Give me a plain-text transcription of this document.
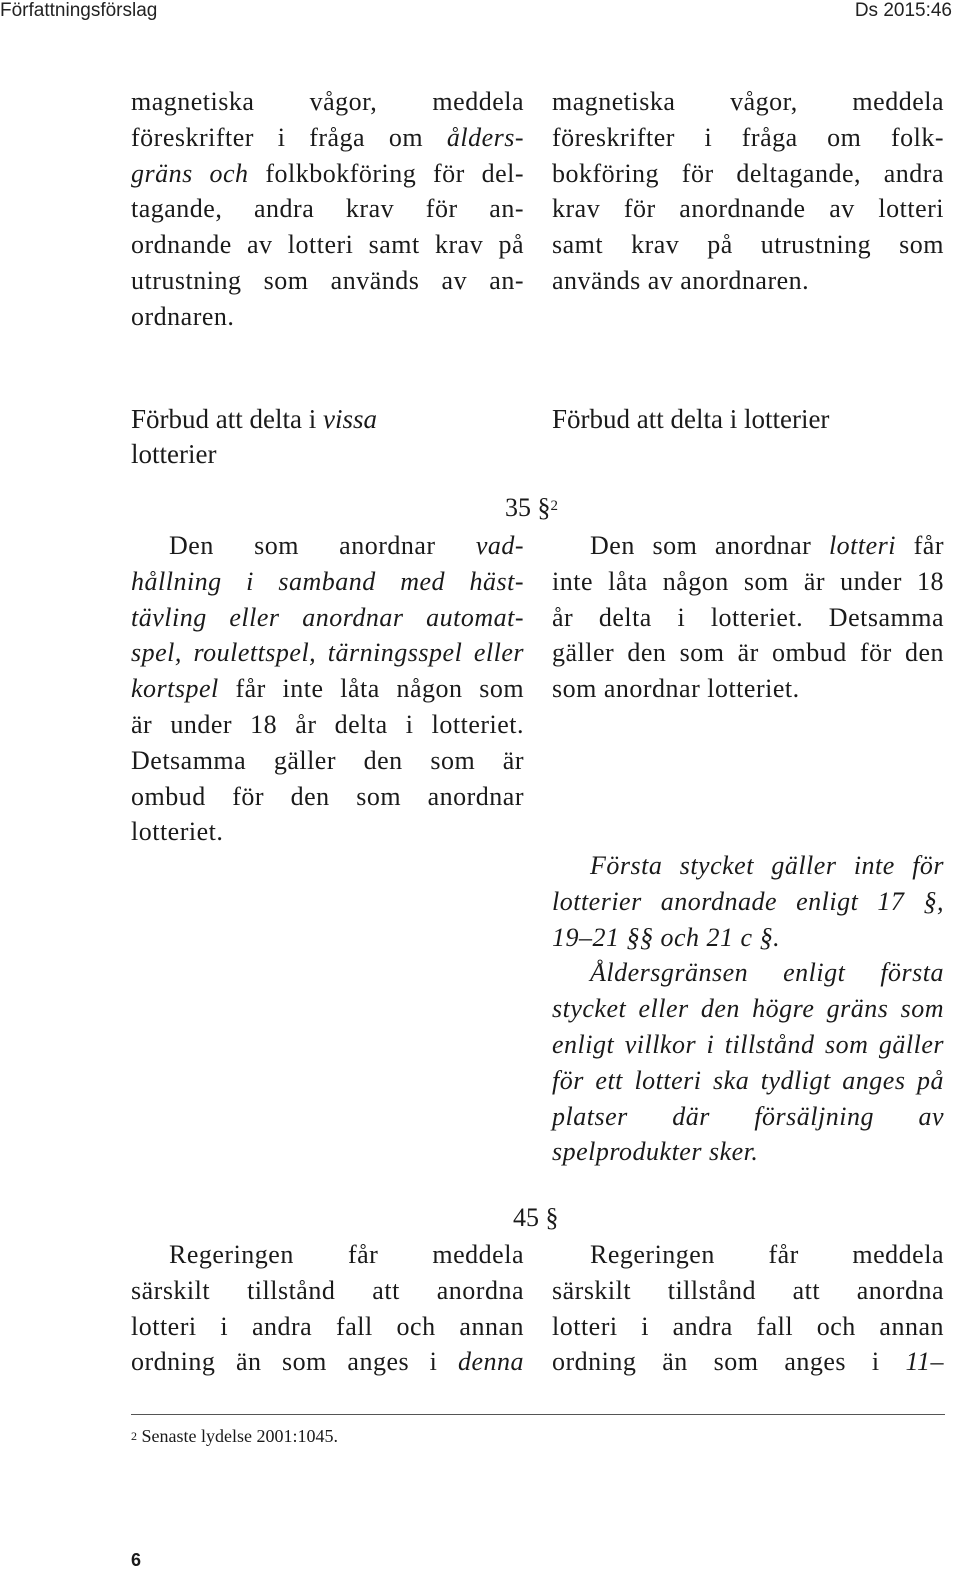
Författningsförslag	Ds 2015:46
magnetiska vågor, meddela
föreskrifter i fråga om ålders-
gräns och folkbokföring för del-
tagande, andra krav för an-
ordnande av lotteri samt krav på
utrustning som används av an-
ordnaren.
magnetiska vågor, meddela
föreskrifter i fråga om folk-
bokföring för deltagande, andra
krav för anordnande av lotteri
samt krav på utrustning som
används av anordnaren.
Förbud att delta i vissa
lotterier
Förbud att delta i lotterier
35 §$^2$
Den som anordnar vad-
hållning i samband med häst-
tävling eller anordnar automat-
spel, roulettspel, tärningsspel eller
kortspel får inte låta någon som
är under 18 år delta i lotteriet.
Detsamma gäller den som är
ombud för den som anordnar
lotteriet.
Den som anordnar lotteri får
inte låta någon som är under 18
år delta i lotteriet. Detsamma
gäller den som är ombud för den
som anordnar lotteriet.
Första stycket gäller inte för
lotterier anordnade enligt 17 §,
19–21 §§ och 21 c §.
Åldersgränsen enligt första
stycket eller den högre gräns som
enligt villkor i tillstånd som gäller
för ett lotteri ska tydligt anges på
platser där försäljning av
spelprodukter sker.
45 §
Regeringen får meddela
särskilt tillstånd att anordna
lotteri i andra fall och annan
ordning än som anges i denna
Regeringen får meddela
särskilt tillstånd att anordna
lotteri i andra fall och annan
ordning än som anges i 11–
$^2$ Senaste lydelse 2001:1045.
6
